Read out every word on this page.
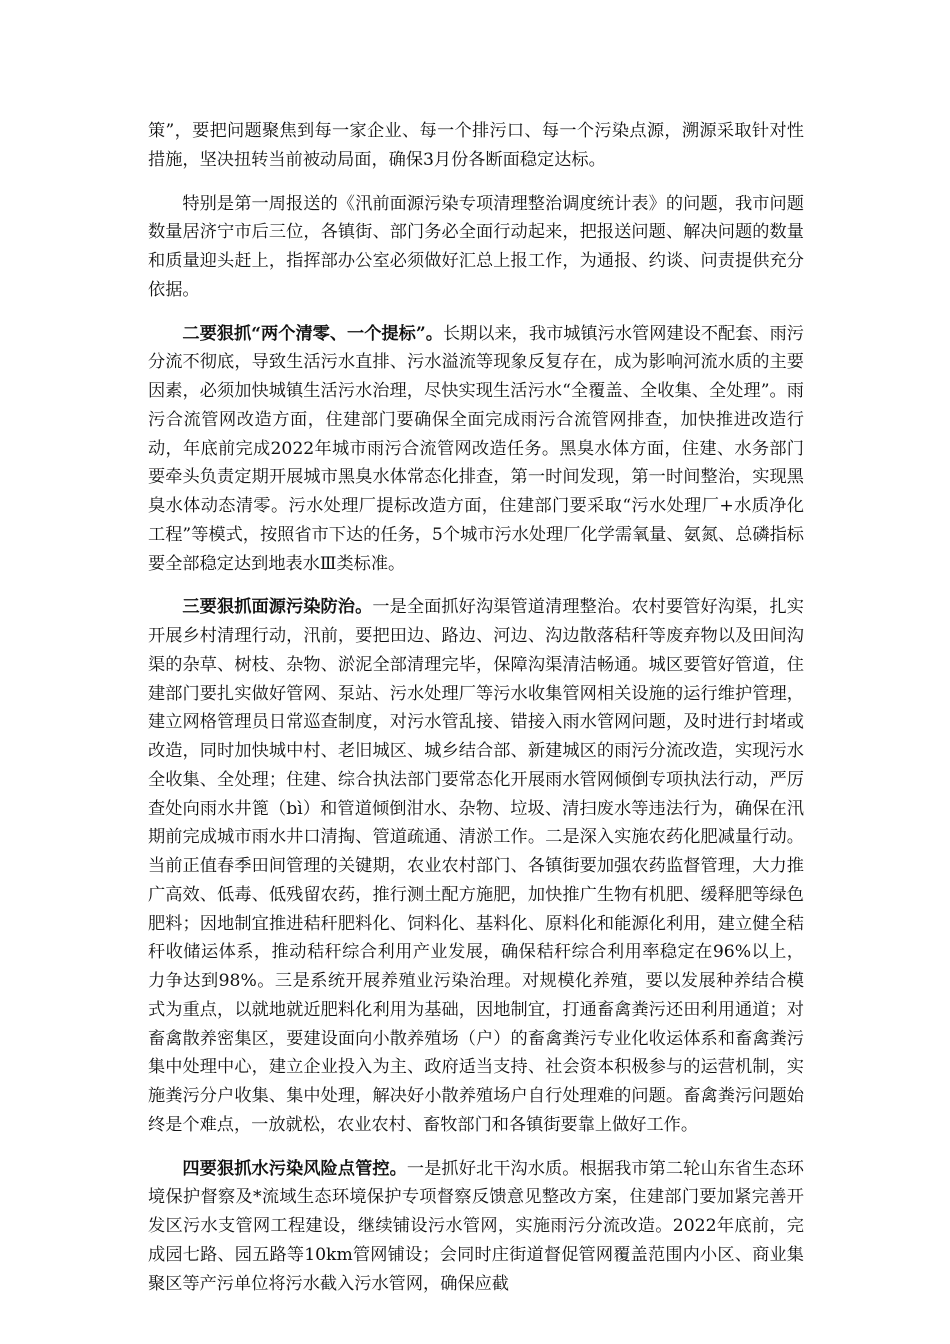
策”，要把问题聚焦到每一家企业、每一个排污口、每一个污染点源，溯源采取针对性措施，坚决扭转当前被动局面，确保3月份各断面稳定达标。

特别是第一周报送的《汛前面源污染专项清理整治调度统计表》的问题，我市问题数量居济宁市后三位，各镇街、部门务必全面行动起来，把报送问题、解决问题的数量和质量迎头赶上，指挥部办公室必须做好汇总上报工作，为通报、约谈、问责提供充分依据。

二要狠抓“两个清零、一个提标”。长期以来，我市城镇污水管网建设不配套、雨污分流不彻底，导致生活污水直排、污水溢流等现象反复存在，成为影响河流水质的主要因素，必须加快城镇生活污水治理，尽快实现生活污水“全覆盖、全收集、全处理”。雨污合流管网改造方面，住建部门要确保全面完成雨污合流管网排查，加快推进改造行动，年底前完成2022年城市雨污合流管网改造任务。黑臭水体方面，住建、水务部门要牵头负责定期开展城市黑臭水体常态化排查，第一时间发现，第一时间整治，实现黑臭水体动态清零。污水处理厂提标改造方面，住建部门要采取“污水处理厂+水质净化工程”等模式，按照省市下达的任务，5个城市污水处理厂化学需氧量、氨氮、总磷指标要全部稳定达到地表水Ⅲ类标准。

三要狠抓面源污染防治。一是全面抓好沟渠管道清理整治。农村要管好沟渠，扎实开展乡村清理行动，汛前，要把田边、路边、河边、沟边散落秸秆等废弃物以及田间沟渠的杂草、树枝、杂物、淤泥全部清理完毕，保障沟渠清洁畅通。城区要管好管道，住建部门要扎实做好管网、泵站、污水处理厂等污水收集管网相关设施的运行维护管理，建立网格管理员日常巡查制度，对污水管乱接、错接入雨水管网问题，及时进行封堵或改造，同时加快城中村、老旧城区、城乡结合部、新建城区的雨污分流改造，实现污水全收集、全处理；住建、综合执法部门要常态化开展雨水管网倾倒专项执法行动，严厉查处向雨水井篦（bì）和管道倾倒泔水、杂物、垃圾、清扫废水等违法行为，确保在汛期前完成城市雨水井口清掏、管道疏通、清淤工作。二是深入实施农药化肥减量行动。当前正值春季田间管理的关键期，农业农村部门、各镇街要加强农药监督管理，大力推广高效、低毒、低残留农药，推行测土配方施肥，加快推广生物有机肥、缓释肥等绿色肥料；因地制宜推进秸秆肥料化、饲料化、基料化、原料化和能源化利用，建立健全秸秆收储运体系，推动秸秆综合利用产业发展，确保秸秆综合利用率稳定在96%以上，力争达到98%。三是系统开展养殖业污染治理。对规模化养殖，要以发展种养结合模式为重点，以就地就近肥料化利用为基础，因地制宜，打通畜禽粪污还田利用通道；对畜禽散养密集区，要建设面向小散养殖场（户）的畜禽粪污专业化收运体系和畜禽粪污集中处理中心，建立企业投入为主、政府适当支持、社会资本积极参与的运营机制，实施粪污分户收集、集中处理，解决好小散养殖场户自行处理难的问题。畜禽粪污问题始终是个难点，一放就松，农业农村、畜牧部门和各镇街要靠上做好工作。

四要狠抓水污染风险点管控。一是抓好北干沟水质。根据我市第二轮山东省生态环境保护督察及*流域生态环境保护专项督察反馈意见整改方案，住建部门要加紧完善开发区污水支管网工程建设，继续铺设污水管网，实施雨污分流改造。2022年底前，完成园七路、园五路等10km管网铺设；会同时庄街道督促管网覆盖范围内小区、商业集聚区等产污单位将污水截入污水管网，确保应截
